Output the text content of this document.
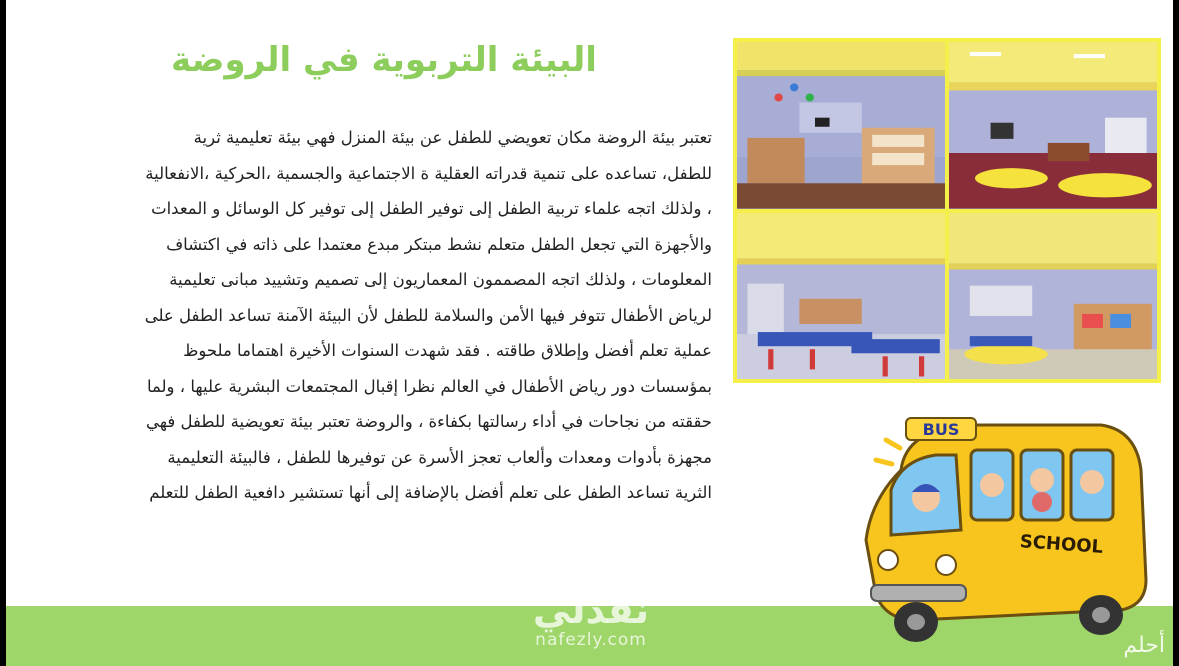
البيئة التربوية في الروضة
تعتبر بيئة الروضة مكان تعويضي للطفل عن بيئة المنزل فهي بيئة تعليمية ثرية
للطفل، تساعده على تنمية قدراته العقلية ة الاجتماعية والجسمية ،الحركية ،الانفعالية
، ولذلك اتجه علماء تربية الطفل إلى توفير الطفل إلى توفير كل الوسائل و المعدات
والأجهزة التي تجعل الطفل متعلم نشط مبتكر مبدع معتمدا على ذاته في اكتشاف
المعلومات ، ولذلك اتجه المصممون المعماريون إلى تصميم وتشييد مبانى تعليمية
لرياض الأطفال تتوفر فيها الأمن والسلامة للطفل لأن البيئة الآمنة تساعد الطفل على
عملية تعلم أفضل وإطلاق طاقته . فقد شهدت السنوات الأخيرة اهتماما ملحوظ
بمؤسسات دور رياض الأطفال في العالم نظرا إقبال المجتمعات البشرية عليها ، ولما
حققته من نجاحات في أداء رسالتها بكفاءة ، والروضة تعتبر بيئة تعويضية للطفل فهي
مجهزة بأدوات ومعدات وألعاب تعجز الأسرة عن توفيرها للطفل ، فالبيئة التعليمية
الثرية تساعد الطفل على تعلم أفضل بالإضافة إلى أنها تستشير دافعية الطفل للتعلم
نفذلي
nafezly.com
BUS
SCHOOL
أحلم
